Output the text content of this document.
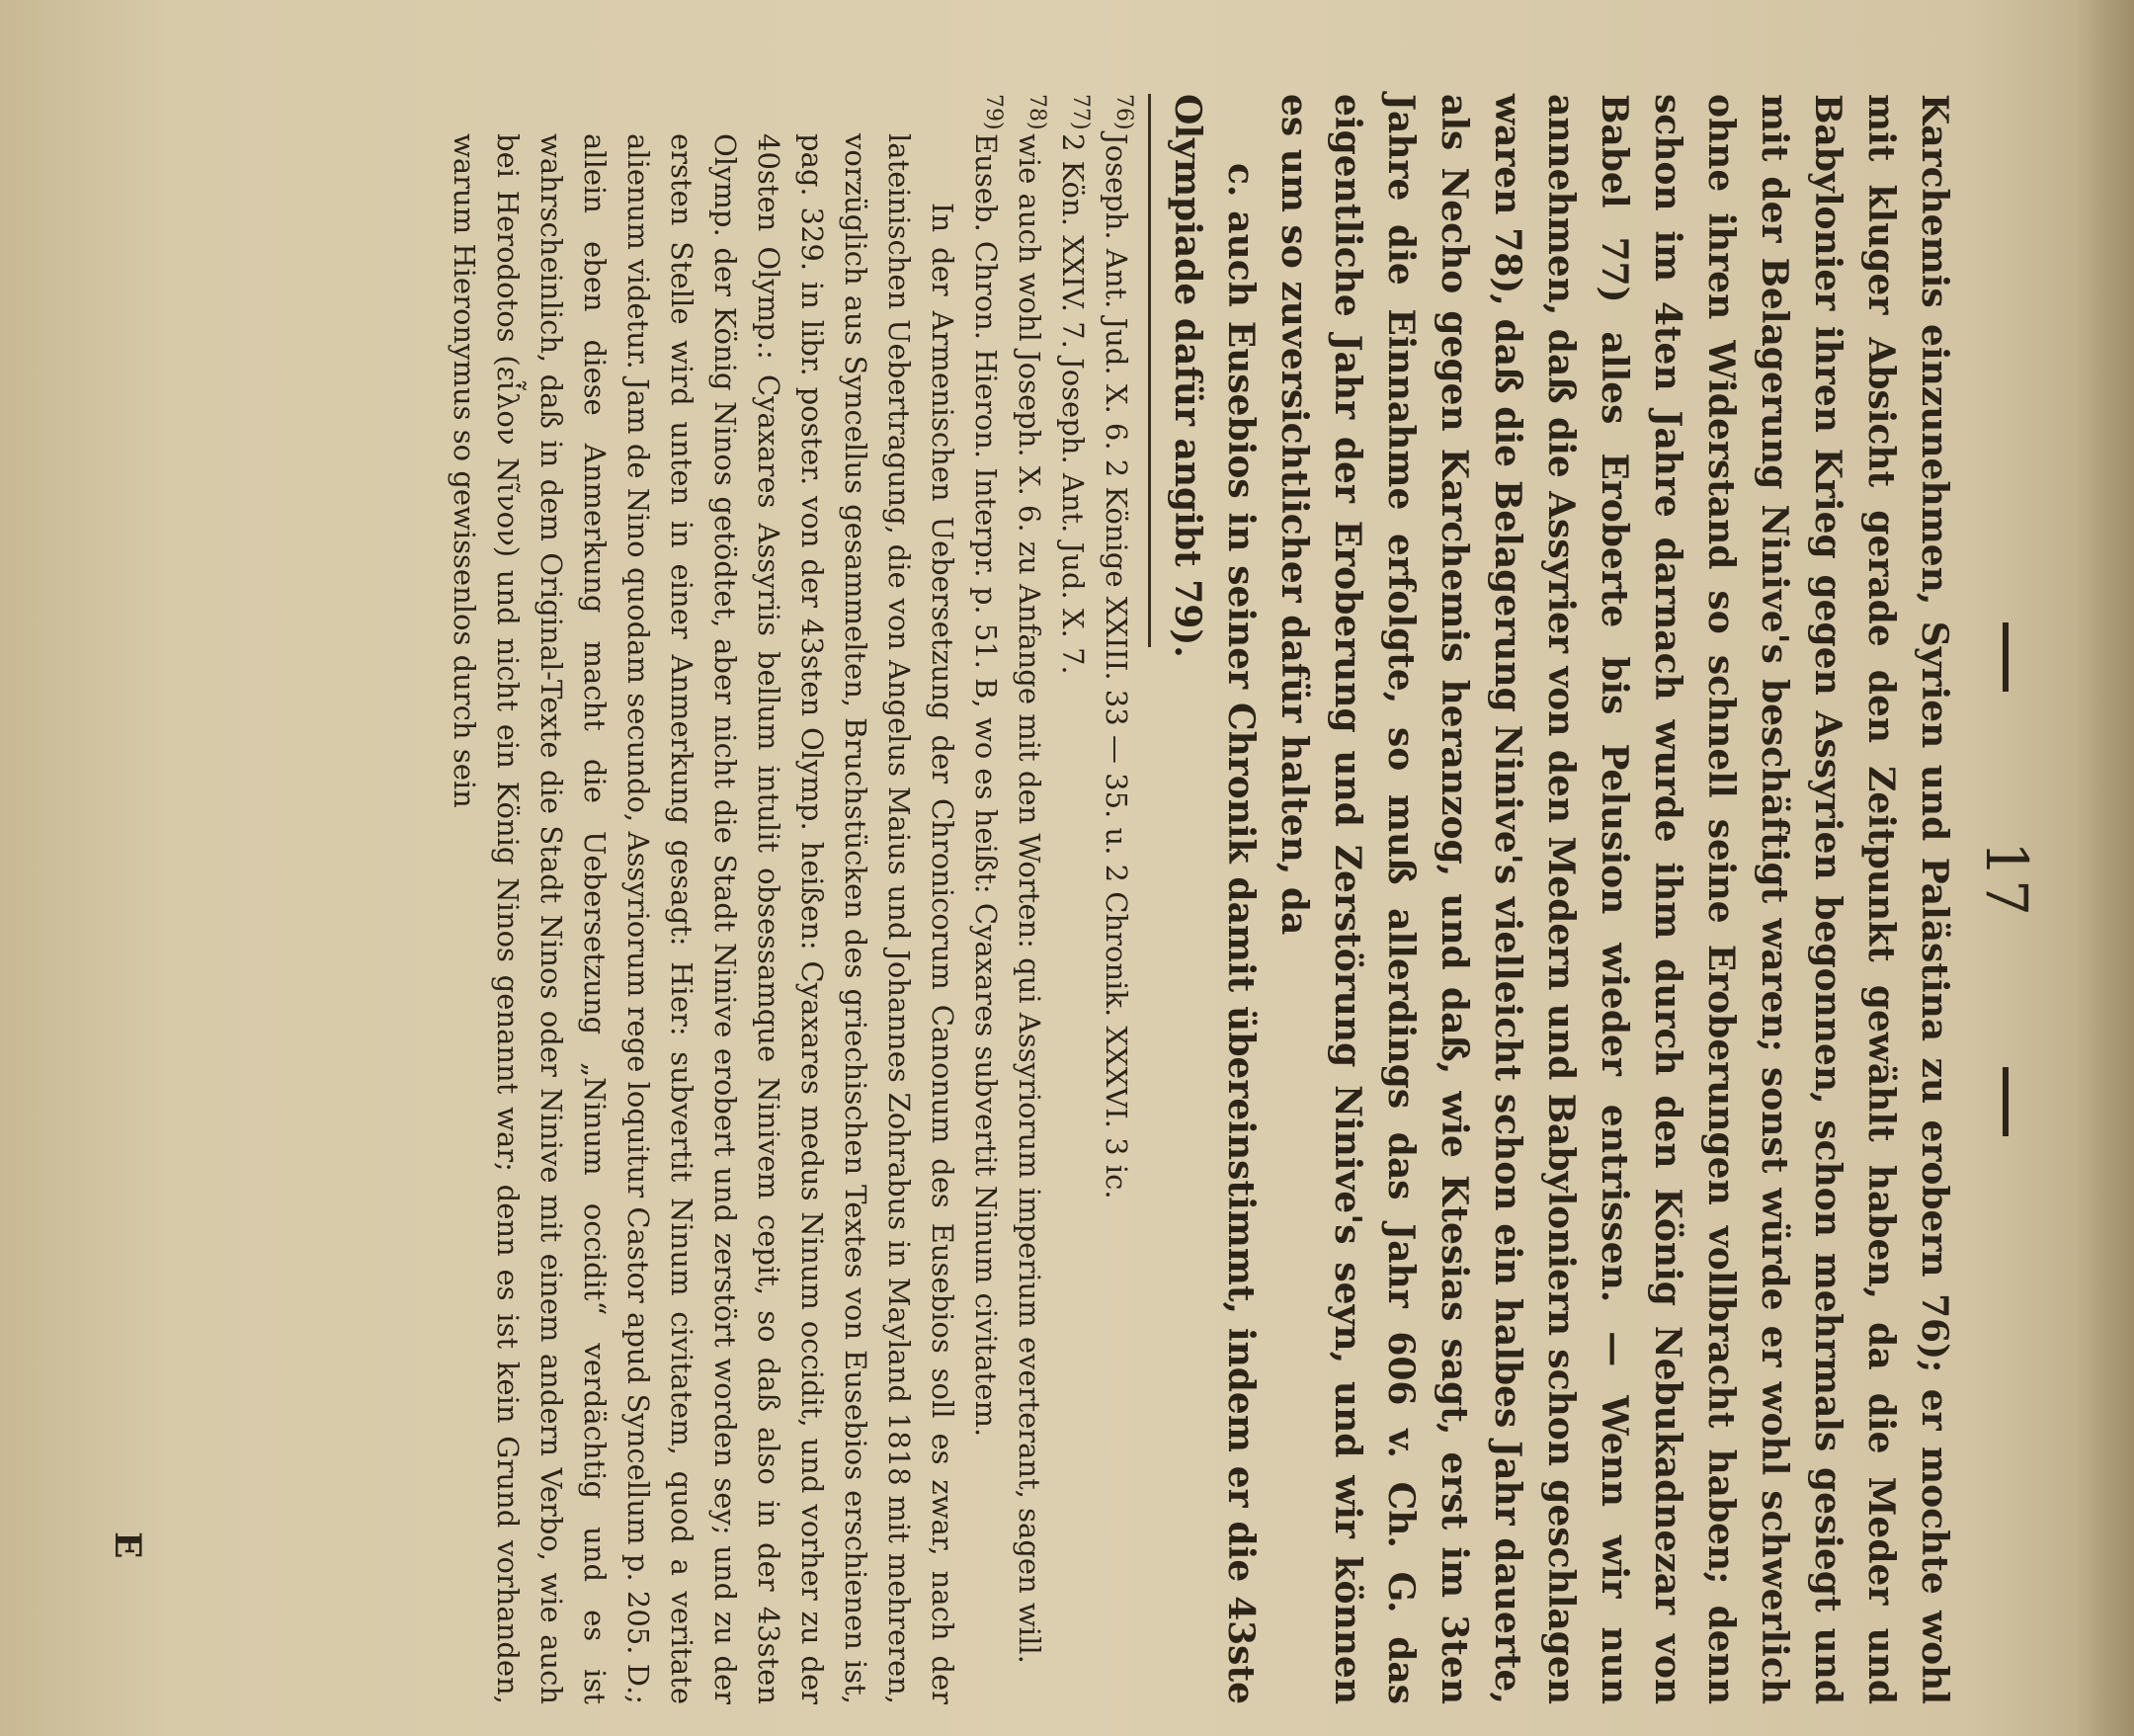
17

Karchemis einzunehmen, Syrien und Palästina zu erobern 76); er mochte wohl mit kluger Absicht gerade den Zeitpunkt gewählt haben, da die Meder und Babylonier ihren Krieg gegen Assyrien begonnen, schon mehrmals gesiegt und mit der Belagerung Ninive's beschäftigt waren; sonst würde er wohl schwerlich ohne ihren Widerstand so schnell seine Eroberungen vollbracht haben; denn schon im 4ten Jahre darnach wurde ihm durch den König Nebukadnezar von Babel 77) alles Eroberte bis Pelusion wieder entrissen. — Wenn wir nun annehmen, daß die Assyrier von den Medern und Babyloniern schon geschlagen waren 78), daß die Belagerung Ninive's vielleicht schon ein halbes Jahr dauerte, als Necho gegen Karchemis heranzog, und daß, wie Ktesias sagt, erst im 3ten Jahre die Einnahme erfolgte, so muß allerdings das Jahr 606 v. Ch. G. das eigentliche Jahr der Eroberung und Zerstörung Ninive's seyn, und wir können es um so zuversichtlicher dafür halten, da

c. auch Eusebios in seiner Chronik damit übereinstimmt, indem er die 43ste Olympiade dafür angibt 79).

76)Joseph. Ant. Jud. X. 6. 2 Könige XXIII. 33 — 35. u. 2 Chronik. XXXVI. 3 ic.
77)2 Kön. XXIV. 7. Joseph. Ant. Jud. X. 7.
78)wie auch wohl Joseph. X. 6. zu Anfange mit den Worten: qui Assyriorum imperium everterant, sagen will.
79)Euseb. Chron. Hieron. Interpr. p. 51. B, wo es heißt: Cyaxares subvertit Ninum civitatem.

In der Armenischen Uebersetzung der Chronicorum Canonum des Eusebios soll es zwar, nach der lateinischen Uebertragung, die von Angelus Maius und Johannes Zohrabus in Mayland 1818 mit mehreren, vorzüglich aus Syncellus gesammelten, Bruchstücken des griechischen Textes von Eusebios erschienen ist, pag. 329. in libr. poster. von der 43sten Olymp. heißen: Cyaxares medus Ninum occidit, und vorher zu der 40sten Olymp.: Cyaxares Assyriis bellum intulit obsessamque Ninivem cepit, so daß also in der 43sten Olymp. der König Ninos getödtet, aber nicht die Stadt Ninive erobert und zerstört worden sey; und zu der ersten Stelle wird unten in einer Anmerkung gesagt: Hier: subvertit Ninum civitatem, quod a veritate alienum videtur. Jam de Nino quodam secundo, Assyriorum rege loquitur Castor apud Syncellum p. 205. D.; allein eben diese Anmerkung macht die Uebersetzung „Ninum occidit“ verdächtig und es ist wahrscheinlich, daß in dem Original-Texte die Stadt Ninos oder Ninive mit einem andern Verbo, wie auch bei Herodotos (εἷλον Νῖνον) und nicht ein König Ninos genannt war; denn es ist kein Grund vorhanden, warum Hieronymus so gewissenlos durch sein

E
